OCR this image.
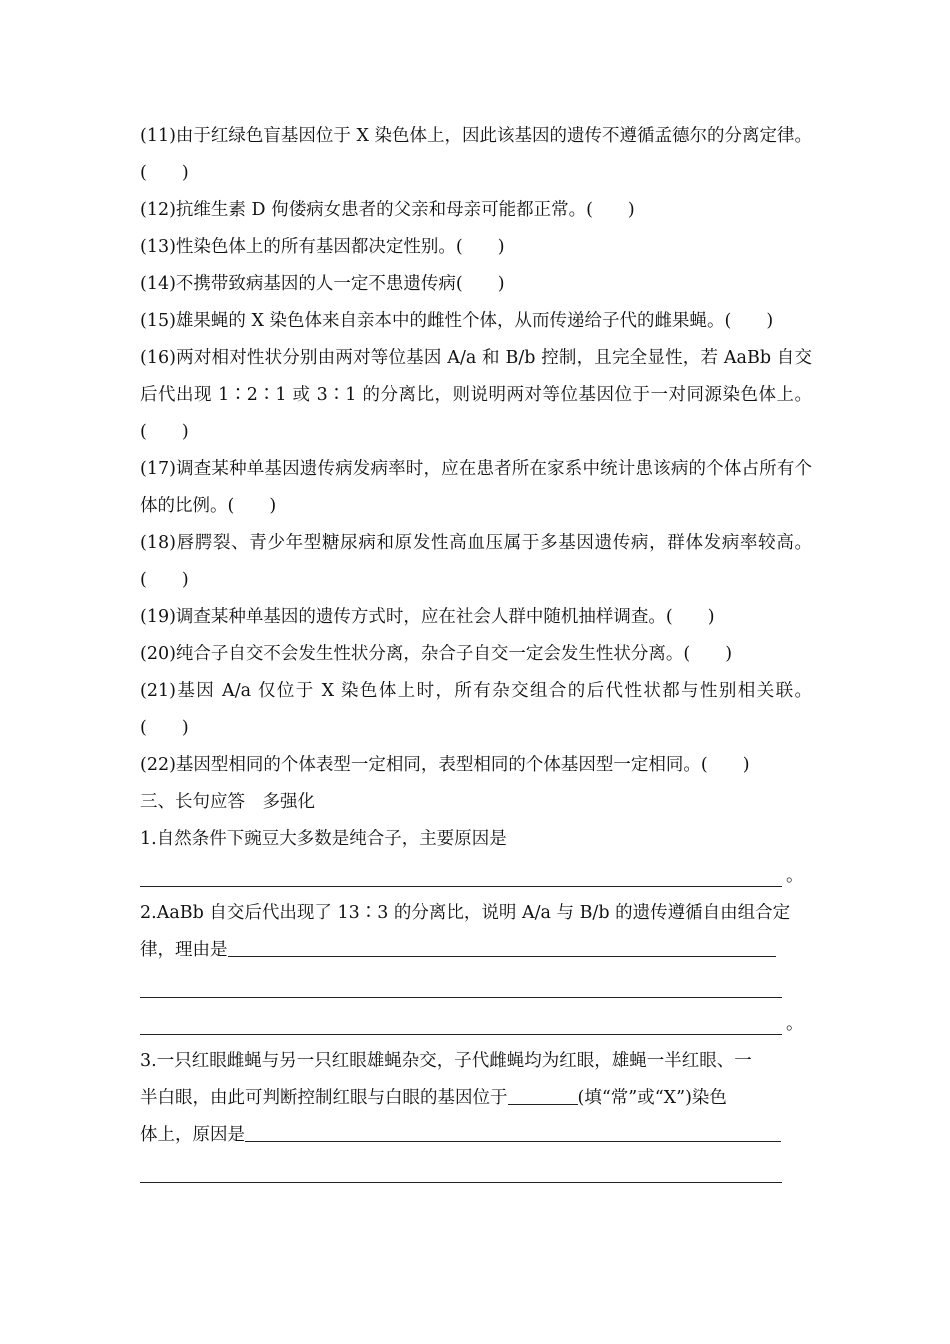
(11)由于红绿色盲基因位于 X 染色体上，因此该基因的遗传不遵循孟德尔的分离定律。(　　)

(12)抗维生素 D 佝偻病女患者的父亲和母亲可能都正常。(　　)

(13)性染色体上的所有基因都决定性别。(　　)

(14)不携带致病基因的人一定不患遗传病(　　)

(15)雄果蝇的 X 染色体来自亲本中的雌性个体，从而传递给子代的雌果蝇。(　　)

(16)两对相对性状分别由两对等位基因 A/a 和 B/b 控制，且完全显性，若 AaBb 自交后代出现 1∶2∶1 或 3∶1 的分离比，则说明两对等位基因位于一对同源染色体上。(　　)

(17)调查某种单基因遗传病发病率时，应在患者所在家系中统计患该病的个体占所有个体的比例。(　　)

(18)唇腭裂、青少年型糖尿病和原发性高血压属于多基因遗传病，群体发病率较高。(　　)

(19)调查某种单基因的遗传方式时，应在社会人群中随机抽样调查。(　　)

(20)纯合子自交不会发生性状分离，杂合子自交一定会发生性状分离。(　　)

(21)基因 A/a 仅位于 X 染色体上时，所有杂交组合的后代性状都与性别相关联。(　　)

(22)基因型相同的个体表型一定相同，表型相同的个体基因型一定相同。(　　)

三、长句应答　多强化

1.自然条件下豌豆大多数是纯合子，主要原因是
。
2.AaBb 自交后代出现了 13∶3 的分离比，说明 A/a 与 B/b 的遗传遵循自由组合定
律，理由是
。
3.一只红眼雌蝇与另一只红眼雄蝇杂交，子代雌蝇均为红眼，雄蝇一半红眼、一
半白眼，由此可判断控制红眼与白眼的基因位于	(填“常”或“X”)染色
体上，原因是
